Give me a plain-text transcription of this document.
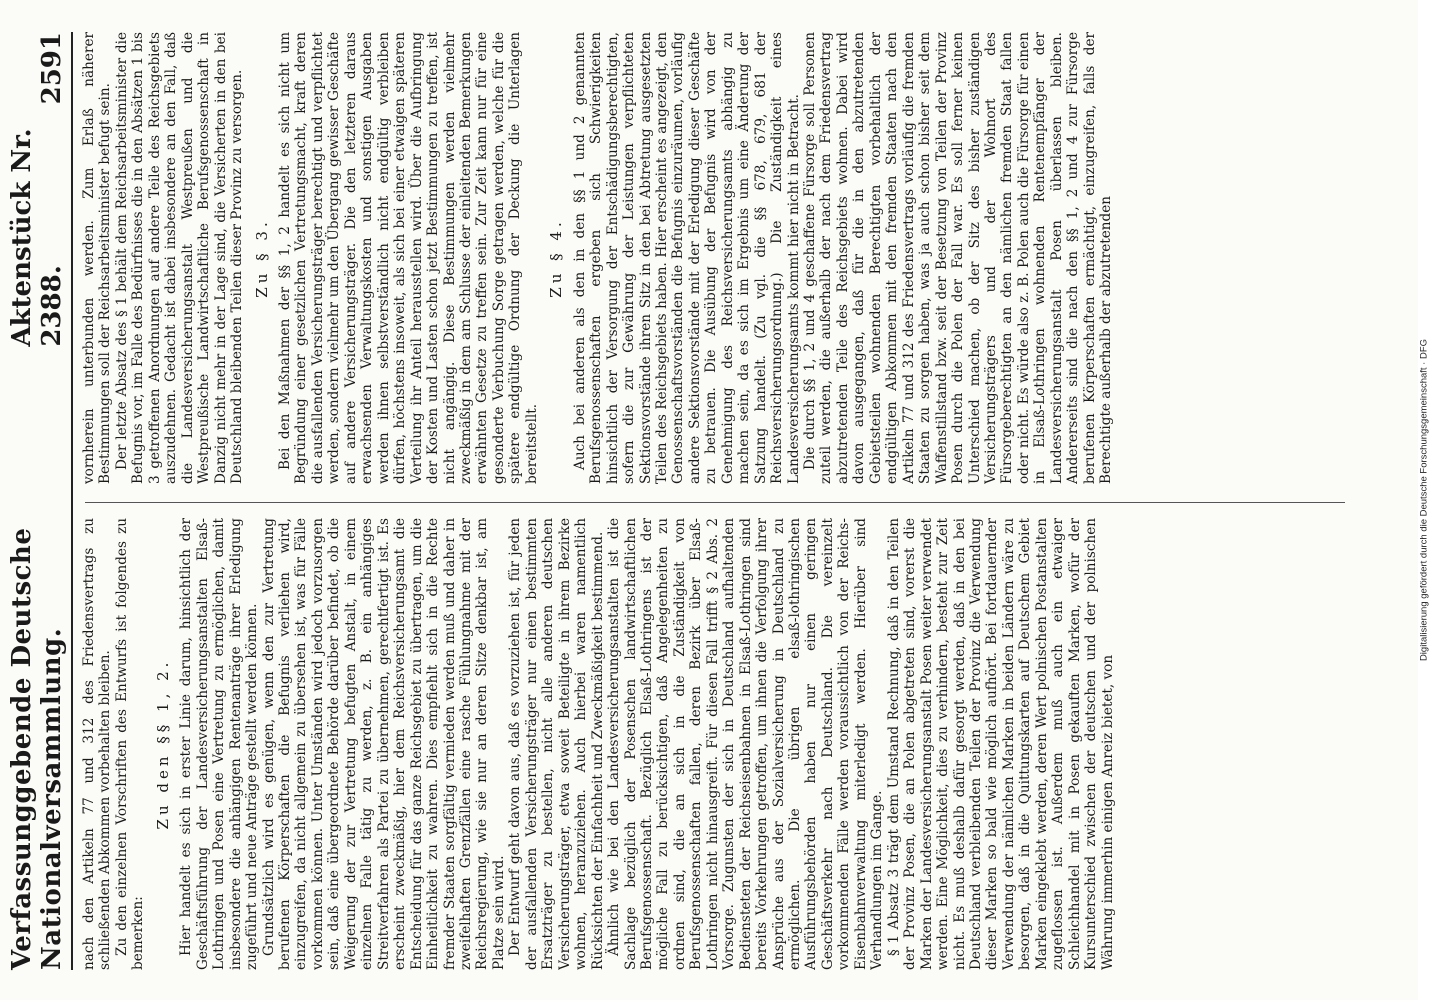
Verfassunggebende Deutsche Nationalversammlung.
Aktenstück Nr. 2388.
2591

nach den Artikeln 77 und 312 des Friedensvertrags zu schließenden Abkommen vorbehalten bleiben. Zu den einzelnen Vorschriften des Entwurfs ist folgendes zu bemerken:

Zu den §§ 1, 2. Hier handelt es sich in erster Linie darum, hinsichtlich der Geschäftsführung der Landesversicherungsanstalten Elsaß-Lothringen und Posen eine Vertretung zu ermöglichen, damit insbesondere die anhängigen Rentenanträge ihrer Erledigung zugeführt und neue Anträge gestellt werden können. Grundsätzlich wird es genügen, wenn den zur Vertretung berufenen Körperschaften die Befugnis verliehen wird, einzugreifen, da nicht allgemein zu übersehen ist, was für Fälle vorkommen können. Unter Umständen wird jedoch vorzusorgen sein, daß eine übergeordnete Behörde darüber befindet, ob die Weigerung der zur Vertretung befugten Anstalt, in einem einzelnen Falle tätig zu werden, z. B. ein anhängiges Streitverfahren als Partei zu übernehmen, gerechtfertigt ist. Es erscheint zweckmäßig, hier dem Reichsversicherungsamt die Entscheidung für das ganze Reichsgebiet zu übertragen, um die Einheitlichkeit zu wahren. Dies empfiehlt sich in die Rechte fremder Staaten sorgfältig vermieden werden muß und daher in zweifelhaften Grenzfällen eine rasche Fühlungnahme mit der Reichsregierung, wie sie nur an deren Sitze denkbar ist, am Platze sein wird. Der Entwurf geht davon aus, daß es vorzuziehen ist, für jeden der ausfallenden Versicherungsträger nur einen bestimmten Ersatzträger zu bestellen, nicht alle anderen deutschen Versicherungsträger, etwa soweit Beteiligte in ihrem Bezirke wohnen, heranzuziehen. Auch hierbei waren namentlich Rücksichten der Einfachheit und Zweckmäßigkeit bestimmend. Ähnlich wie bei den Landesversicherungsanstalten ist die Sachlage bezüglich der Posenschen landwirtschaftlichen Berufsgenossenschaft. Bezüglich Elsaß-Lothringens ist der mögliche Fall zu berücksichtigen, daß Angelegenheiten zu ordnen sind, die an sich in die Zuständigkeit von Berufsgenossenschaften fallen, deren Bezirk über Elsaß-Lothringen nicht hinausgreift. Für diesen Fall trifft § 2 Abs. 2 Vorsorge. Zugunsten der sich in Deutschland aufhaltenden Bediensteten der Reichseisenbahnen in Elsaß-Lothringen sind bereits Vorkehrungen getroffen, um ihnen die Verfolgung ihrer Ansprüche aus der Sozialversicherung in Deutschland zu ermöglichen. Die übrigen elsaß-lothringischen Ausführungsbehörden haben nur einen geringen Geschäftsverkehr nach Deutschland. Die vereinzelt vorkommenden Fälle werden voraussichtlich von der Reichs-Eisenbahnverwaltung miterledigt werden. Hierüber sind Verhandlungen im Gange. § 1 Absatz 3 trägt dem Umstand Rechnung, daß in den Teilen der Provinz Posen, die an Polen abgetreten sind, vorerst die Marken der Landesversicherungsanstalt Posen weiter verwendet werden. Eine Möglichkeit, dies zu verhindern, besteht zur Zeit nicht. Es muß deshalb dafür gesorgt werden, daß in den bei Deutschland verbleibenden Teilen der Provinz die Verwendung dieser Marken so bald wie möglich aufhört. Bei fortdauernder Verwendung der nämlichen Marken in beiden Ländern wäre zu besorgen, daß in die Quittungskarten auf Deutschem Gebiet Marken eingeklebt werden, deren Wert polnischen Postanstalten zugeflossen ist. Außerdem muß auch ein etwaiger Schleichhandel mit in Posen gekauften Marken, wofür der Kursunterschied zwischen der deutschen und der polnischen Währung immerhin einigen Anreiz bietet, von

vornherein unterbunden werden. Zum Erlaß näherer Bestimmungen soll der Reichsarbeitsminister befugt sein. Der letzte Absatz des § 1 behält dem Reichsarbeitsminister die Befugnis vor, im Falle des Bedürfnisses die in den Absätzen 1 bis 3 getroffenen Anordnungen auf andere Teile des Reichsgebiets auszudehnen. Gedacht ist dabei insbesondere an den Fall, daß die Landesversicherungsanstalt Westpreußen und die Westpreußische Landwirtschaftliche Berufsgenossenschaft in Danzig nicht mehr in der Lage sind, die Versicherten in den bei Deutschland bleibenden Teilen dieser Provinz zu versorgen. Zu § 3. Bei den Maßnahmen der §§ 1, 2 handelt es sich nicht um Begründung einer gesetzlichen Vertretungsmacht, kraft deren die ausfallenden Versicherungsträger berechtigt und verpflichtet werden, sondern vielmehr um den Übergang gewisser Geschäfte auf andere Versicherungsträger. Die den letzteren daraus erwachsenden Verwaltungskosten und sonstigen Ausgaben werden ihnen selbstverständlich nicht endgültig verbleiben dürfen, höchstens insoweit, als sich bei einer etwaigen späteren Verteilung ihr Anteil herausstellen wird. Über die Aufbringung der Kosten und Lasten schon jetzt Bestimmungen zu treffen, ist nicht angängig. Diese Bestimmungen werden vielmehr zweckmäßig in dem am Schlusse der einleitenden Bemerkungen erwähnten Gesetze zu treffen sein. Zur Zeit kann nur für eine gesonderte Verbuchung Sorge getragen werden, welche für die spätere endgültige Ordnung der Deckung die Unterlagen bereitstellt.

Zu § 4. Auch bei anderen als den in den §§ 1 und 2 genannten Berufsgenossenschaften ergeben sich Schwierigkeiten hinsichtlich der Versorgung der Entschädigungsberechtigten, sofern die zur Gewährung der Leistungen verpflichteten Sektionsvorstände ihren Sitz in den bei Abtretung ausgesetzten Teilen des Reichsgebiets haben. Hier erscheint es angezeigt, den Genossenschaftsvorständen die Befugnis einzuräumen, vorläufig andere Sektionsvorstände mit der Erledigung dieser Geschäfte zu betrauen. Die Ausübung der Befugnis wird von der Genehmigung des Reichsversicherungsamts abhängig zu machen sein, da es sich im Ergebnis um eine Änderung der Satzung handelt. (Zu vgl. die §§ 678, 679, 681 der Reichsversicherungsordnung.) Die Zuständigkeit eines Landesversicherungsamts kommt hier nicht in Betracht. Die durch §§ 1, 2 und 4 geschaffene Fürsorge soll Personen zuteil werden, die außerhalb der nach dem Friedensvertrag abzutretenden Teile des Reichsgebiets wohnen. Dabei wird davon ausgegangen, daß für die in den abzutretenden Gebietsteilen wohnenden Berechtigten vorbehaltlich der endgültigen Abkommen mit den fremden Staaten nach den Artikeln 77 und 312 des Friedensvertrags vorläufig die fremden Staaten zu sorgen haben, was ja auch schon bisher seit dem Waffenstillstand bzw. seit der Besetzung von Teilen der Provinz Posen durch die Polen der Fall war. Es soll ferner keinen Unterschied machen, ob der Sitz des bisher zuständigen Versicherungsträgers und der Wohnort des Fürsorgeberechtigten an den nämlichen fremden Staat fallen oder nicht. Es würde also z. B. Polen auch die Fürsorge für einen in Elsaß-Lothringen wohnenden Rentenempfänger der Landesversicherungsanstalt Posen überlassen bleiben. Andererseits sind die nach den §§ 1, 2 und 4 zur Fürsorge berufenen Körperschaften ermächtigt, einzugreifen, falls der Berechtigte außerhalb der abzutretenden	Digitalisierung gefördert durch die Deutsche Forschungsgemeinschaft · DFG
